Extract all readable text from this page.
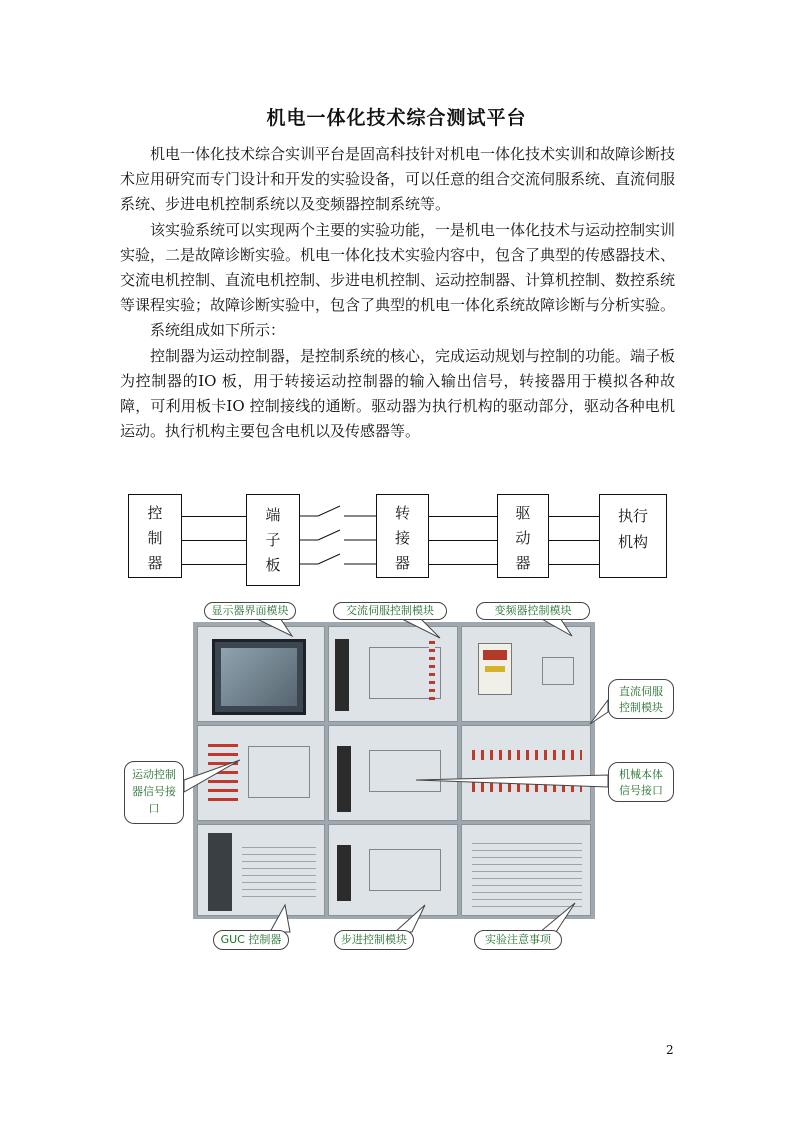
机电一体化技术综合测试平台

机电一体化技术综合实训平台是固高科技针对机电一体化技术实训和故障诊断技术应用研究而专门设计和开发的实验设备，可以任意的组合交流伺服系统、直流伺服系统、步进电机控制系统以及变频器控制系统等。

该实验系统可以实现两个主要的实验功能，一是机电一体化技术与运动控制实训实验，二是故障诊断实验。机电一体化技术实验内容中，包含了典型的传感器技术、交流电机控制、直流电机控制、步进电机控制、运动控制器、计算机控制、数控系统等课程实验；故障诊断实验中，包含了典型的机电一体化系统故障诊断与分析实验。

系统组成如下所示：

控制器为运动控制器，是控制系统的核心，完成运动规划与控制的功能。端子板为控制器的IO 板，用于转接运动控制器的输入输出信号，转接器用于模拟各种故障，可利用板卡IO 控制接线的通断。驱动器为执行机构的驱动部分，驱动各种电机运动。执行机构主要包含电机以及传感器等。

控
制
器
端
子
板
转
接
器
驱
动
器
执行
机构
显示器界面模块	交流伺服控制模块	变频器控制模块
直流伺服控制模块
运动控制器信号接口
机械本体信号接口
GUC 控制器	步进控制模块	实验注意事项
2
